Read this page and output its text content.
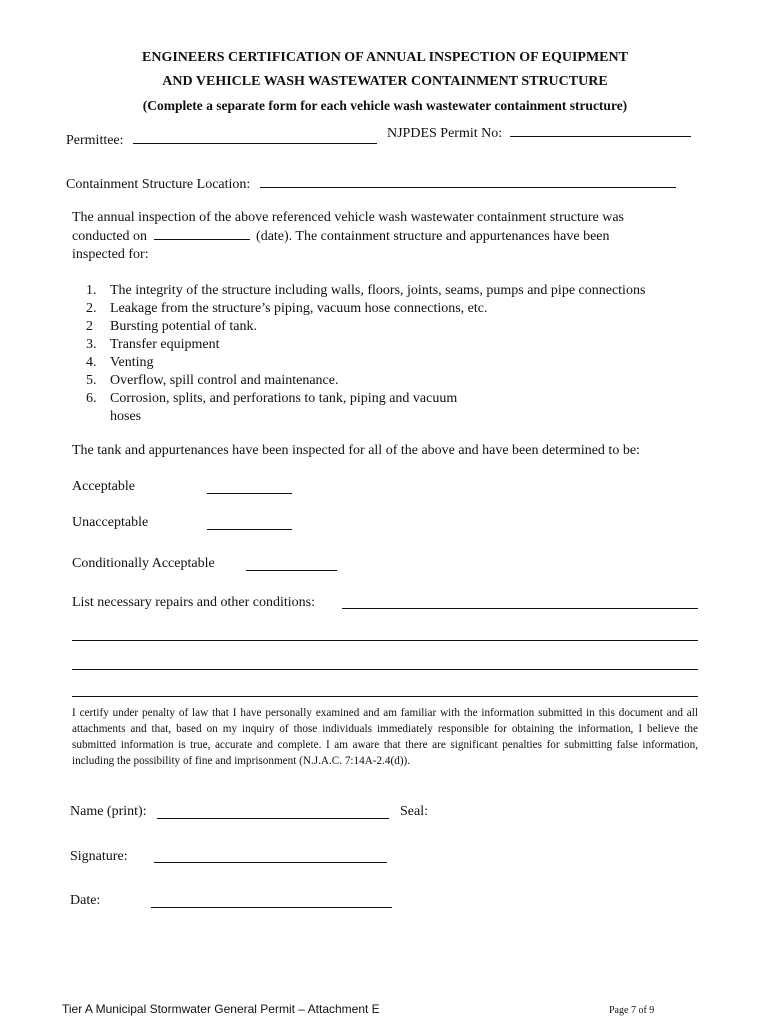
ENGINEERS CERTIFICATION OF ANNUAL INSPECTION OF EQUIPMENT
AND VEHICLE WASH WASTEWATER CONTAINMENT STRUCTURE
(Complete a separate form for each vehicle wash wastewater containment structure)
Permittee:	NJPDES Permit No:
Containment Structure Location:
The annual inspection of the above referenced vehicle wash wastewater containment structure was
conducted on	(date). The containment structure and appurtenances have been
inspected for:
1. The integrity of the structure including walls, floors, joints, seams, pumps and pipe connections
2. Leakage from the structure’s piping, vacuum hose connections, etc.
2	Bursting potential of tank.
3. Transfer equipment
4. Venting
5. Overflow, spill control and maintenance.
6. Corrosion, splits, and perforations to tank, piping and vacuum
hoses
The tank and appurtenances have been inspected for all of the above and have been determined to be:
Acceptable
Unacceptable
Conditionally Acceptable
List necessary repairs and other conditions:
I certify under penalty of law that I have personally examined and am familiar with the information submitted in this document and all attachments and that, based on my inquiry of those individuals immediately responsible for obtaining the information, I believe the submitted information is true, accurate and complete. I am aware that there are significant penalties for submitting false information, including the possibility of fine and imprisonment (N.J.A.C. 7:14A-2.4(d)).
Name (print):	Seal:
Signature:
Date:
Tier A Municipal Stormwater General Permit – Attachment E	Page 7 of 9
